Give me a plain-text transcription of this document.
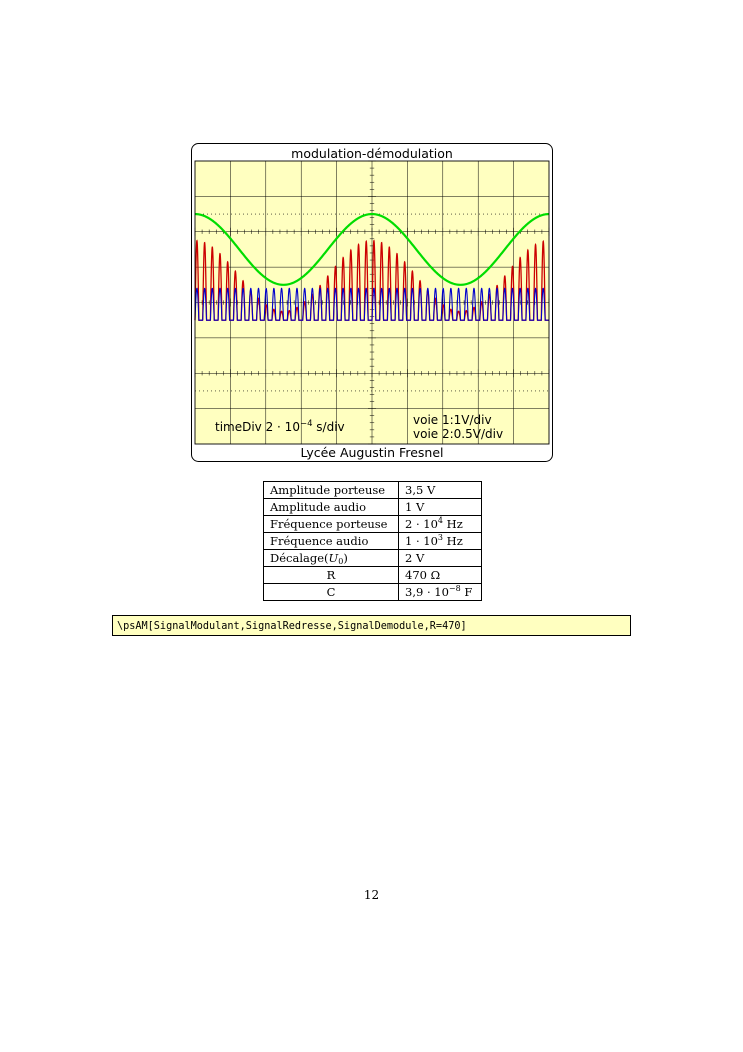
modulation-démodulation
Lycée Augustin Fresnel
timeDiv $2 \cdot 10^{-4}$ s/div	voie 1:1V/div
voie 2:0.5V/div
Amplitude porteuse	3,5 V
Amplitude audio	1 V
Fréquence porteuse	$2 \cdot 10^4$ Hz
Fréquence audio	$1 \cdot 10^3$ Hz
$Décalage(U_0)$	2 V
R	470 Ω
C	$3,9 \cdot 10^{-8}$ F
\psAM[SignalModulant,SignalRedresse,SignalDemodule,R=470]
12
